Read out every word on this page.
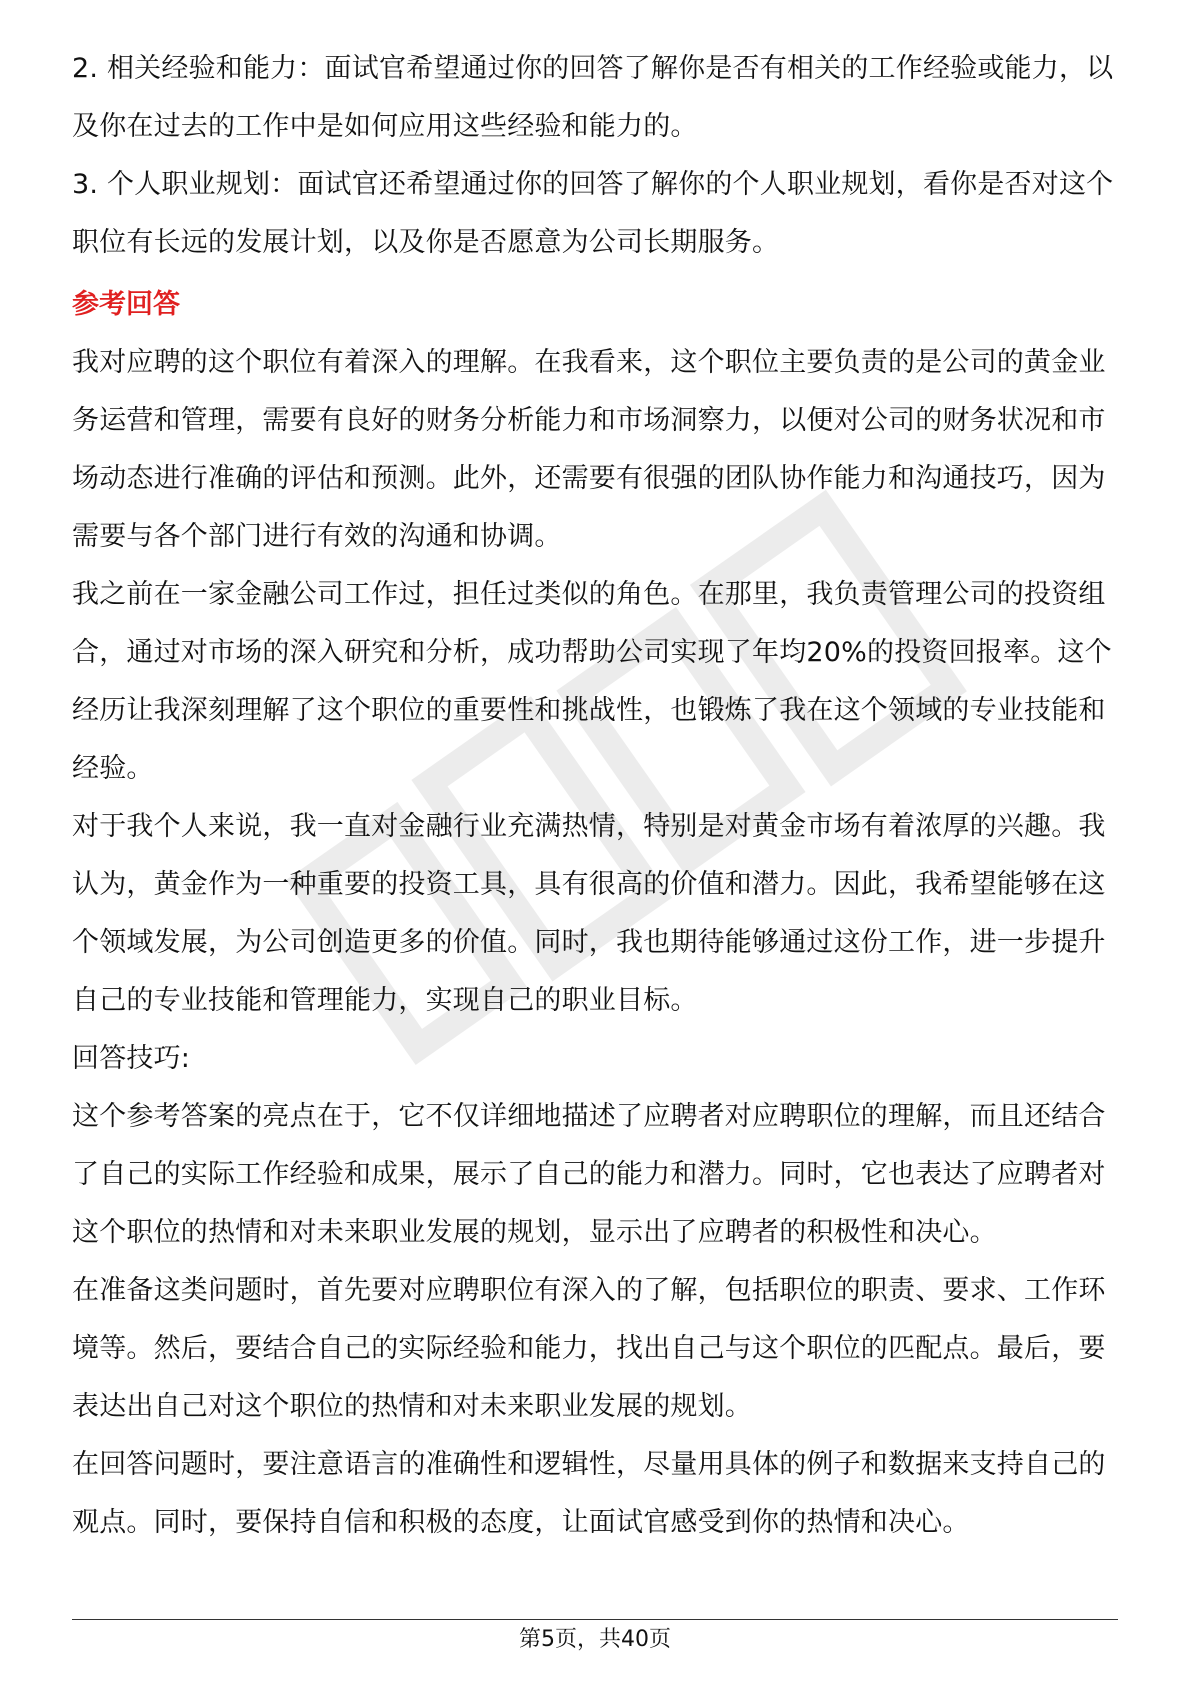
2. 相关经验和能力：面试官希望通过你的回答了解你是否有相关的工作经验或能力，以及你在过去的工作中是如何应用这些经验和能力的。

3. 个人职业规划：面试官还希望通过你的回答了解你的个人职业规划，看你是否对这个职位有长远的发展计划，以及你是否愿意为公司长期服务。

参考回答

我对应聘的这个职位有着深入的理解。在我看来，这个职位主要负责的是公司的黄金业务运营和管理，需要有良好的财务分析能力和市场洞察力，以便对公司的财务状况和市场动态进行准确的评估和预测。此外，还需要有很强的团队协作能力和沟通技巧，因为需要与各个部门进行有效的沟通和协调。

我之前在一家金融公司工作过，担任过类似的角色。在那里，我负责管理公司的投资组合，通过对市场的深入研究和分析，成功帮助公司实现了年均20%的投资回报率。这个经历让我深刻理解了这个职位的重要性和挑战性，也锻炼了我在这个领域的专业技能和经验。

对于我个人来说，我一直对金融行业充满热情，特别是对黄金市场有着浓厚的兴趣。我认为，黄金作为一种重要的投资工具，具有很高的价值和潜力。因此，我希望能够在这个领域发展，为公司创造更多的价值。同时，我也期待能够通过这份工作，进一步提升自己的专业技能和管理能力，实现自己的职业目标。

回答技巧:

这个参考答案的亮点在于，它不仅详细地描述了应聘者对应聘职位的理解，而且还结合了自己的实际工作经验和成果，展示了自己的能力和潜力。同时，它也表达了应聘者对这个职位的热情和对未来职业发展的规划，显示出了应聘者的积极性和决心。

在准备这类问题时，首先要对应聘职位有深入的了解，包括职位的职责、要求、工作环境等。然后，要结合自己的实际经验和能力，找出自己与这个职位的匹配点。最后，要表达出自己对这个职位的热情和对未来职业发展的规划。

在回答问题时，要注意语言的准确性和逻辑性，尽量用具体的例子和数据来支持自己的观点。同时，要保持自信和积极的态度，让面试官感受到你的热情和决心。

第5页，共40页
